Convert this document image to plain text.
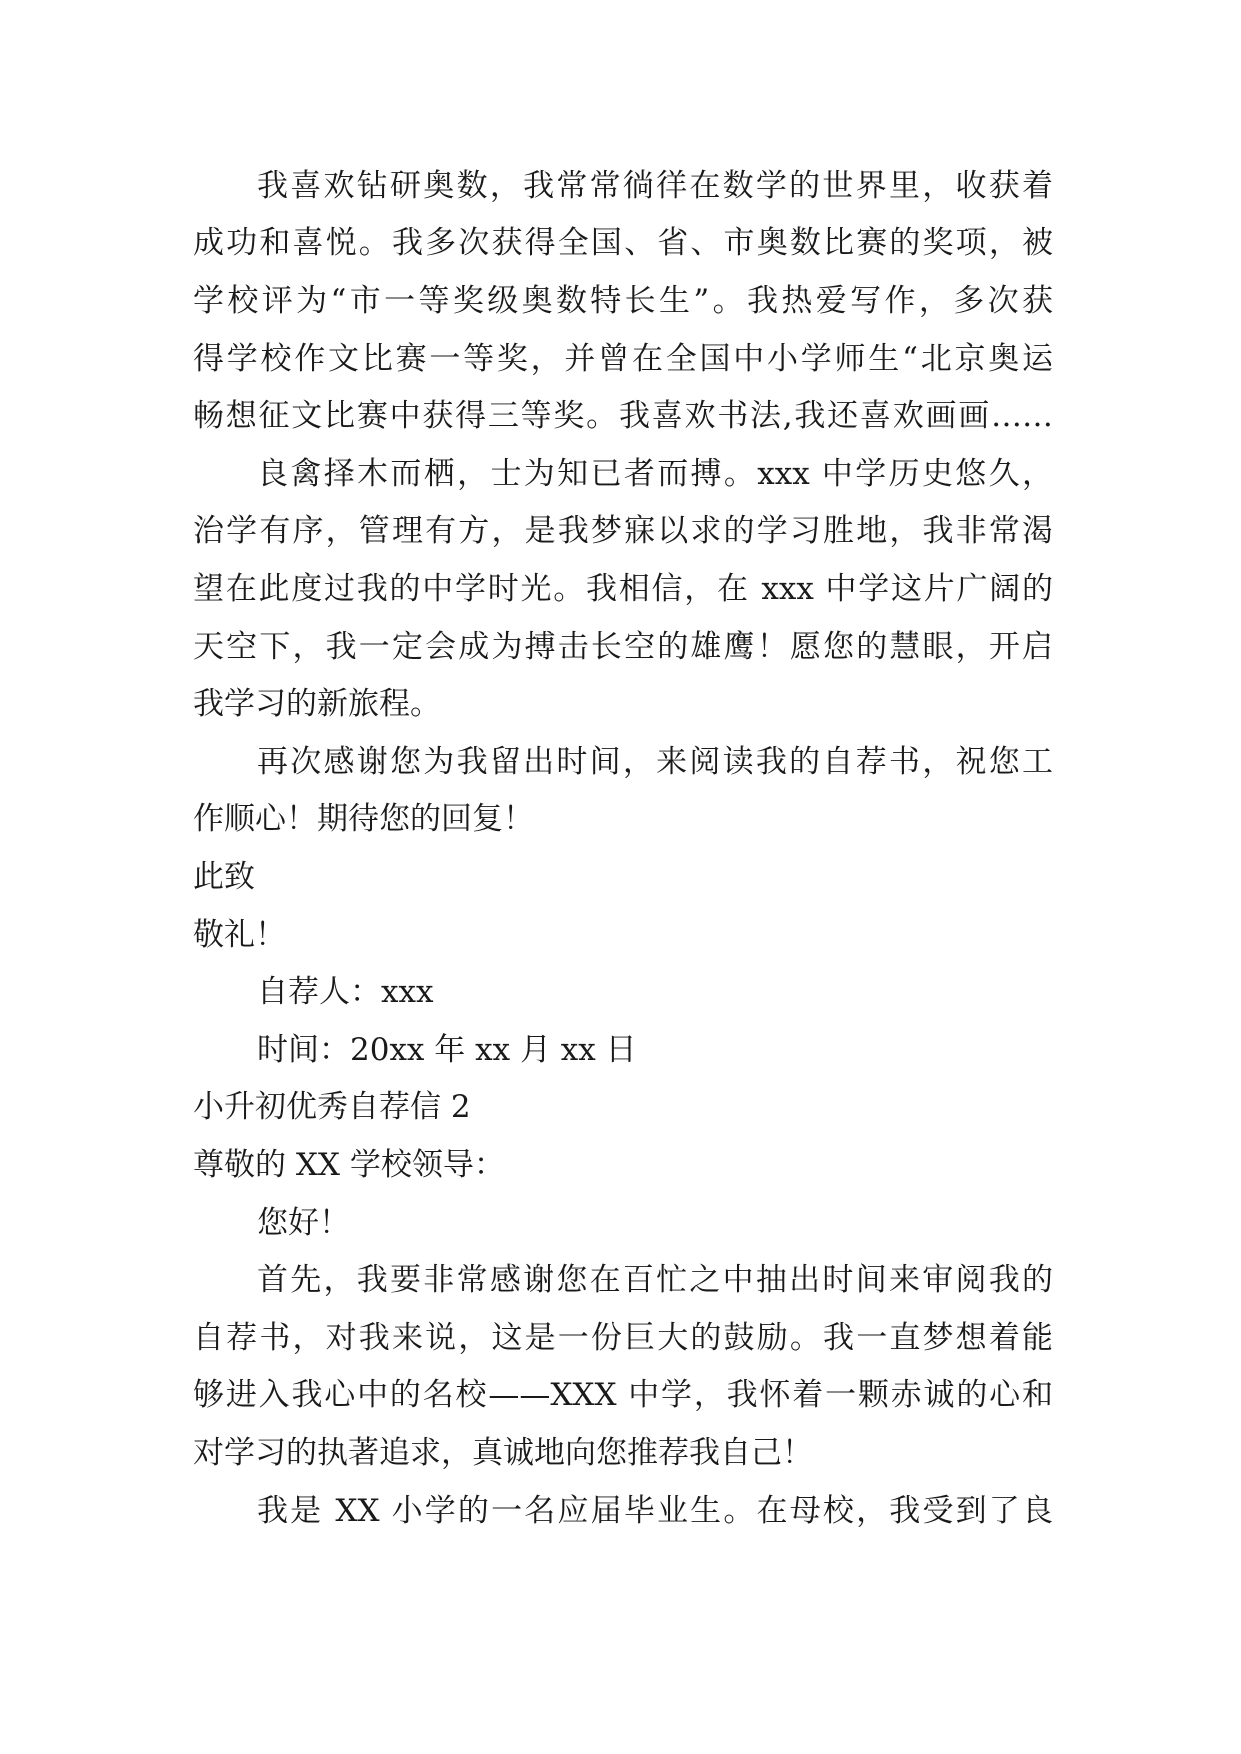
我喜欢钻研奥数，我常常徜徉在数学的世界里，收获着
成功和喜悦。我多次获得全国、省、市奥数比赛的奖项，被
学校评为“市一等奖级奥数特长生”。我热爱写作，多次获
得学校作文比赛一等奖，并曾在全国中小学师生“北京奥运
畅想征文比赛中获得三等奖。我喜欢书法,我还喜欢画画……
良禽择木而栖，士为知已者而搏。xxx 中学历史悠久，
治学有序，管理有方，是我梦寐以求的学习胜地，我非常渴
望在此度过我的中学时光。我相信，在 xxx 中学这片广阔的
天空下，我一定会成为搏击长空的雄鹰！愿您的慧眼，开启
我学习的新旅程。
再次感谢您为我留出时间，来阅读我的自荐书，祝您工
作顺心！期待您的回复！
此致
敬礼！
自荐人：xxx
时间：20xx 年 xx 月 xx 日
小升初优秀自荐信 2
尊敬的 XX 学校领导：
您好！
首先，我要非常感谢您在百忙之中抽出时间来审阅我的
自荐书，对我来说，这是一份巨大的鼓励。我一直梦想着能
够进入我心中的名校——XXX 中学，我怀着一颗赤诚的心和
对学习的执著追求，真诚地向您推荐我自己！
我是 XX 小学的一名应届毕业生。在母校，我受到了良
